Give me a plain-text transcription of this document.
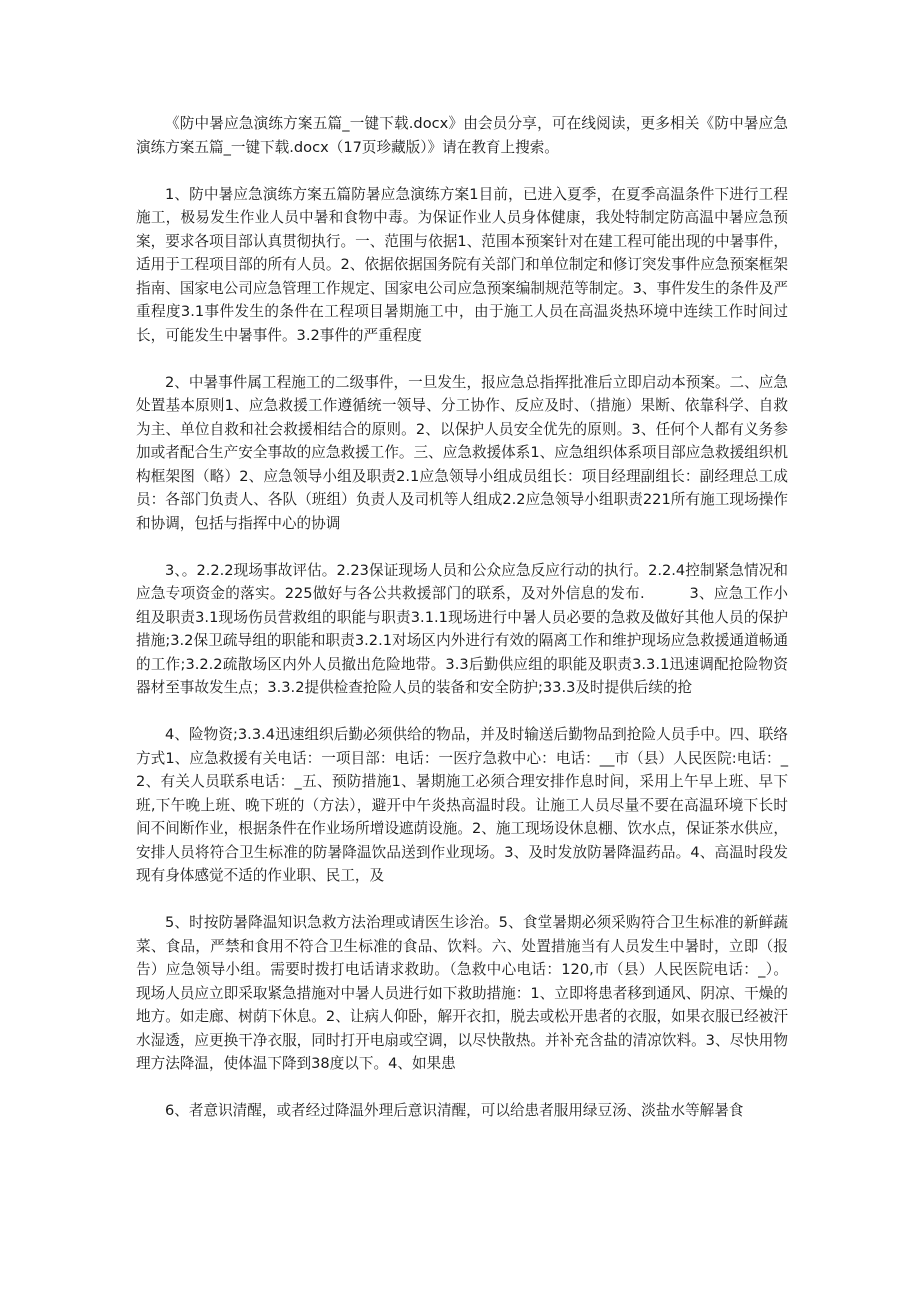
《防中暑应急演练方案五篇_一键下载.docx》由会员分享，可在线阅读，更多相关《防中暑应急演练方案五篇_一键下载.docx（17页珍藏版）》请在教育上搜索。

1、防中暑应急演练方案五篇防暑应急演练方案1目前，已进入夏季，在夏季高温条件下进行工程施工，极易发生作业人员中暑和食物中毒。为保证作业人员身体健康，我处特制定防高温中暑应急预案，要求各项目部认真贯彻执行。一、范围与依据1、范围本预案针对在建工程可能出现的中暑事件，适用于工程项目部的所有人员。2、依据依据国务院有关部门和单位制定和修订突发事件应急预案框架指南、国家电公司应急管理工作规定、国家电公司应急预案编制规范等制定。3、事件发生的条件及严重程度3.1事件发生的条件在工程项目暑期施工中，由于施工人员在高温炎热环境中连续工作时间过长，可能发生中暑事件。3.2事件的严重程度

2、中暑事件属工程施工的二级事件，一旦发生，报应急总指挥批准后立即启动本预案。二、应急处置基本原则1、应急救援工作遵循统一领导、分工协作、反应及时、（措施）果断、依靠科学、自救为主、单位自救和社会救援相结合的原则。2、以保护人员安全优先的原则。3、任何个人都有义务参加或者配合生产安全事故的应急救援工作。三、应急救援体系1、应急组织体系项目部应急救援组织机构框架图（略）2、应急领导小组及职责2.1应急领导小组成员组长：项目经理副组长：副经理总工成员：各部门负责人、各队（班组）负责人及司机等人组成2.2应急领导小组职责221所有施工现场操作和协调，包括与指挥中心的协调

3、。2.2.2现场事故评估。2.23保证现场人员和公众应急反应行动的执行。2.2.4控制紧急情况和应急专项资金的落实。225做好与各公共救援部门的联系，及对外信息的发布.　　　3、应急工作小组及职责3.1现场伤员营救组的职能与职责3.1.1现场进行中暑人员必要的急救及做好其他人员的保护措施;3.2保卫疏导组的职能和职责3.2.1对场区内外进行有效的隔离工作和维护现场应急救援通道畅通的工作;3.2.2疏散场区内外人员撤出危险地带。3.3后勤供应组的职能及职责3.3.1迅速调配抢险物资器材至事故发生点；3.3.2提供检查抢险人员的装备和安全防护;33.3及时提供后续的抢

4、险物资;3.3.4迅速组织后勤必须供给的物品，并及时输送后勤物品到抢险人员手中。四、联络方式1、应急救援有关电话：一项目部：电话：一医疗急救中心：电话：__市（县）人民医院:电话：_2、有关人员联系电话：_五、预防措施1、暑期施工必须合理安排作息时间，采用上午早上班、早下班,下午晚上班、晚下班的（方法），避开中午炎热高温时段。让施工人员尽量不要在高温环境下长时间不间断作业，根据条件在作业场所增设遮荫设施。2、施工现场设休息棚、饮水点，保证茶水供应，安排人员将符合卫生标准的防暑降温饮品送到作业现场。3、及时发放防暑降温药品。4、高温时段发现有身体感觉不适的作业职、民工，及

5、时按防暑降温知识急救方法治理或请医生诊治。5、食堂暑期必须采购符合卫生标准的新鲜蔬菜、食品，严禁和食用不符合卫生标准的食品、饮料。六、处置措施当有人员发生中暑时，立即（报告）应急领导小组。需要时拨打电话请求救助。（急救中心电话：120,市（县）人民医院电话：_）。现场人员应立即采取紧急措施对中暑人员进行如下救助措施：1、立即将患者移到通风、阴凉、干燥的地方。如走廊、树荫下休息。2、让病人仰卧，解开衣扣，脱去或松开患者的衣服，如果衣服已经被汗水湿透，应更换干净衣服，同时打开电扇或空调，以尽快散热。并补充含盐的清凉饮料。3、尽快用物理方法降温，使体温下降到38度以下。4、如果患

6、者意识清醒，或者经过降温外理后意识清醒，可以给患者服用绿豆汤、淡盐水等解暑食
